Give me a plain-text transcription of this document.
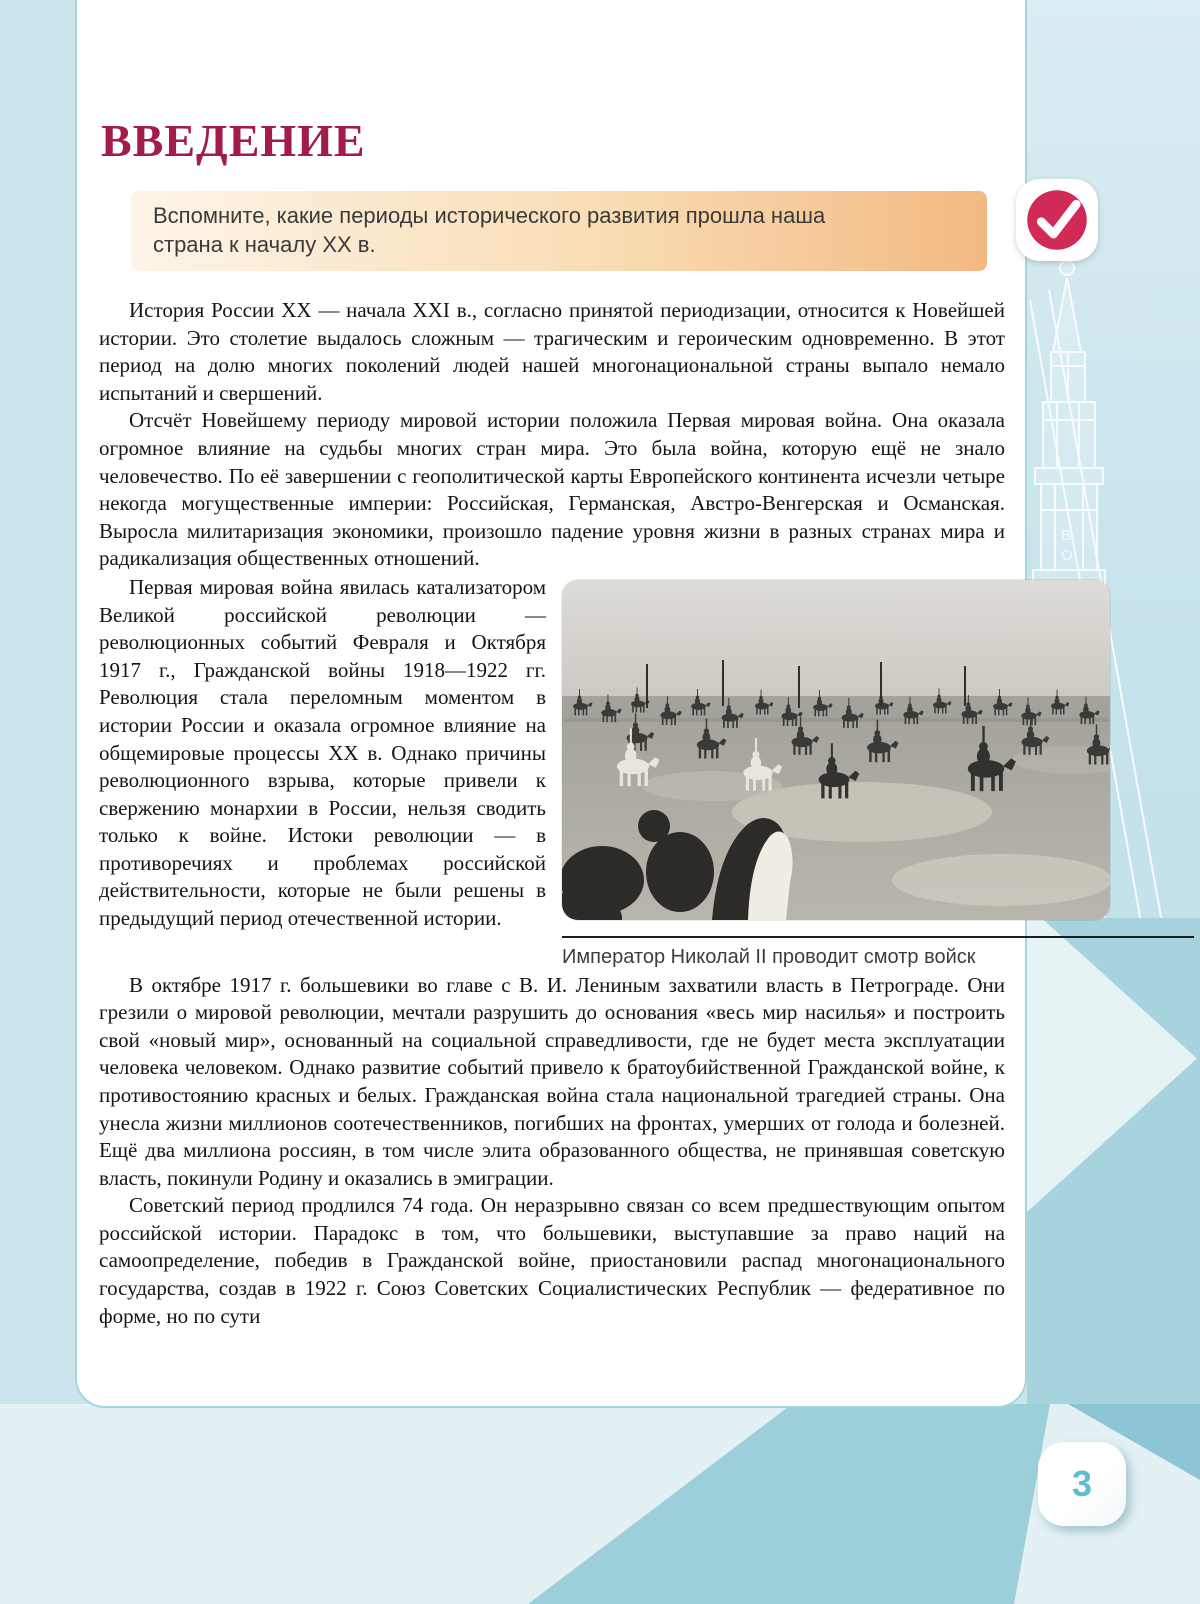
В
О
3
ВВЕДЕНИЕ
Вспомните, какие периоды исторического развития прошла наша страна к началу XX в.

История России XX — начала XXI в., согласно принятой периодизации, относится к Новейшей истории. Это столетие выдалось сложным — трагическим и героическим одновременно. В этот период на долю многих поколений людей нашей многонациональной страны выпало немало испытаний и свершений.

Отсчёт Новейшему периоду мировой истории положила Первая мировая война. Она оказала огромное влияние на судьбы многих стран мира. Это была война, которую ещё не знало человечество. По её завершении с геополитической карты Европейского континента исчезли четыре некогда могущественные империи: Российская, Германская, Австро-Венгерская и Османская. Выросла милитаризация экономики, произошло падение уровня жизни в разных странах мира и радикализация общественных отношений.

Первая мировая война явилась катализатором Великой российской революции — революционных событий Февраля и Октября 1917 г., Гражданской войны 1918—1922 гг. Революция стала переломным моментом в истории России и оказала огромное влияние на общемировые процессы XX в. Однако причины революционного взрыва, которые привели к свержению монархии в России, нельзя сводить только к войне. Истоки революции — в противоречиях и проблемах российской действительности, которые не были решены в предыдущий период отечественной истории.

Император Николай II проводит смотр войск

В октябре 1917 г. большевики во главе с В. И. Лениным захватили власть в Петрограде. Они грезили о мировой революции, мечтали разрушить до основания «весь мир насилья» и построить свой «новый мир», основанный на социальной справедливости, где не будет места эксплуатации человека человеком. Однако развитие событий привело к братоубийственной Гражданской войне, к противостоянию красных и белых. Гражданская война стала национальной трагедией страны. Она унесла жизни миллионов соотечественников, погибших на фронтах, умерших от голода и болезней. Ещё два миллиона россиян, в том числе элита образованного общества, не принявшая советскую власть, покинули Родину и оказались в эмиграции.

Советский период продлился 74 года. Он неразрывно связан со всем предшествующим опытом российской истории. Парадокс в том, что большевики, выступавшие за право наций на самоопределение, победив в Гражданской войне, приостановили распад многонационального государства, создав в 1922 г. Союз Советских Социалистических Республик — федеративное по форме, но по сути
